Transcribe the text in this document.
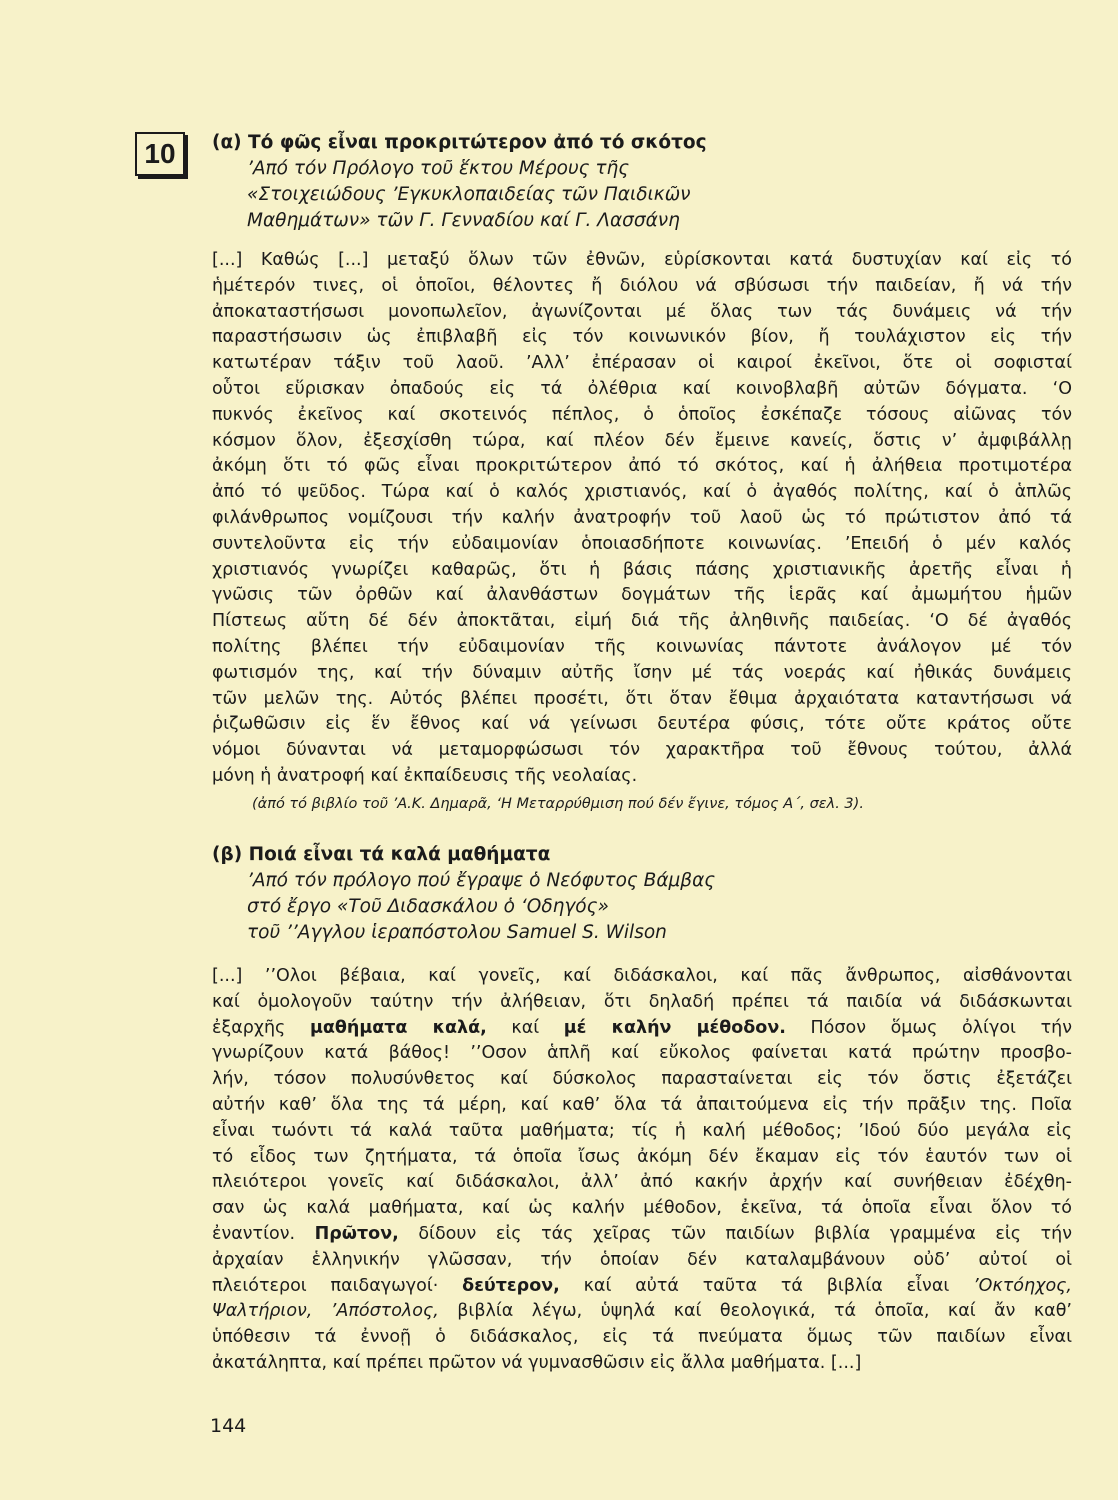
10	(α) Τό φῶς εἶναι προκριτώτερον ἀπό τό σκότος

’Από τόν Πρόλογο τοῦ ἕκτου Μέρους τῆς
«Στοιχειώδους ’Εγκυκλοπαιδείας τῶν Παιδικῶν
Μαθημάτων» τῶν Γ. Γενναδίου καί Γ. Λασσάνη

[...] Καθώς [...] μεταξύ ὅλων τῶν ἐθνῶν, εὑρίσκονται κατά δυστυχίαν καί εἰς τό
ἡμέτερόν τινες, οἱ ὁποῖοι, θέλοντες ἤ διόλου νά σβύσωσι τήν παιδείαν, ἤ νά τήν
ἀποκαταστήσωσι μονοπωλεῖον, ἀγωνίζονται μέ ὅλας των τάς δυνάμεις νά τήν
παραστήσωσιν ὡς ἐπιβλαβῆ εἰς τόν κοινωνικόν βίον, ἤ τουλάχιστον εἰς τήν
κατωτέραν τάξιν τοῦ λαοῦ. ’Αλλ’ ἐπέρασαν οἱ καιροί ἐκεῖνοι, ὅτε οἱ σοφισταί
οὗτοι εὕρισκαν ὀπαδούς εἰς τά ὀλέθρια καί κοινοβλαβῆ αὐτῶν δόγματα. ‘Ο
πυκνός ἐκεῖνος καί σκοτεινός πέπλος, ὁ ὁποῖος ἐσκέπαζε τόσους αἰῶνας τόν
κόσμον ὅλον, ἐξεσχίσθη τώρα, καί πλέον δέν ἔμεινε κανείς, ὅστις ν’ ἀμφιβάλλῃ
ἀκόμη ὅτι τό φῶς εἶναι προκριτώτερον ἀπό τό σκότος, καί ἡ ἀλήθεια προτιμοτέρα
ἀπό τό ψεῦδος. Τώρα καί ὁ καλός χριστιανός, καί ὁ ἀγαθός πολίτης, καί ὁ ἁπλῶς
φιλάνθρωπος νομίζουσι τήν καλήν ἀνατροφήν τοῦ λαοῦ ὡς τό πρώτιστον ἀπό τά
συντελοῦντα εἰς τήν εὐδαιμονίαν ὁποιασδήποτε κοινωνίας. ’Επειδή ὁ μέν καλός
χριστιανός γνωρίζει καθαρῶς, ὅτι ἡ βάσις πάσης χριστιανικῆς ἀρετῆς εἶναι ἡ
γνῶσις τῶν ὀρθῶν καί ἀλανθάστων δογμάτων τῆς ἱερᾶς καί ἀμωμήτου ἡμῶν
Πίστεως αὕτη δέ δέν ἀποκτᾶται, εἰμή διά τῆς ἀληθινῆς παιδείας. ‘Ο δέ ἀγαθός
πολίτης βλέπει τήν εὐδαιμονίαν τῆς κοινωνίας πάντοτε ἀνάλογον μέ τόν
φωτισμόν της, καί τήν δύναμιν αὐτῆς ἴσην μέ τάς νοεράς καί ἠθικάς δυνάμεις
τῶν μελῶν της. Αὐτός βλέπει προσέτι, ὅτι ὅταν ἔθιμα ἀρχαιότατα καταντήσωσι νά
ῥιζωθῶσιν εἰς ἕν ἔθνος καί νά γείνωσι δευτέρα φύσις, τότε οὔτε κράτος οὔτε
νόμοι δύνανται νά μεταμορφώσωσι τόν χαρακτῆρα τοῦ ἔθνους τούτου, ἀλλά
μόνη ἡ ἀνατροφή καί ἐκπαίδευσις τῆς νεολαίας.

(ἀπό τό βιβλίο τοῦ ’Α.Κ. Δημαρᾶ, ‘Η Μεταρρύθμιση πού δέν ἔγινε, τόμος Α΄, σελ. 3).

(β) Ποιά εἶναι τά καλά μαθήματα

’Από τόν πρόλογο πού ἔγραψε ὁ Νεόφυτος Βάμβας
στό ἔργο «Τοῦ Διδασκάλου ὁ ‘Οδηγός»
τοῦ ’’Αγγλου ἱεραπόστολου Samuel S. Wilson

[...] ’’Ολοι βέβαια, καί γονεῖς, καί διδάσκαλοι, καί πᾶς ἄνθρωπος, αἰσθάνονται
καί ὁμολογοῦν ταύτην τήν ἀλήθειαν, ὅτι δηλαδή πρέπει τά παιδία νά διδάσκωνται
ἐξαρχῆς μαθήματα καλά, καί μέ καλήν μέθοδον. Πόσον ὅμως ὀλίγοι τήν
γνωρίζουν κατά βάθος! ’’Οσον ἁπλῆ καί εὔκολος φαίνεται κατά πρώτην προσβο-
λήν, τόσον πολυσύνθετος καί δύσκολος παρασταίνεται εἰς τόν ὅστις ἐξετάζει
αὐτήν καθ’ ὅλα της τά μέρη, καί καθ’ ὅλα τά ἀπαιτούμενα εἰς τήν πρᾶξιν της. Ποῖα
εἶναι τωόντι τά καλά ταῦτα μαθήματα; τίς ἡ καλή μέθοδος; ’Ιδού δύο μεγάλα εἰς
τό εἶδος των ζητήματα, τά ὁποῖα ἴσως ἀκόμη δέν ἔκαμαν εἰς τόν ἑαυτόν των οἱ
πλειότεροι γονεῖς καί διδάσκαλοι, ἀλλ’ ἀπό κακήν ἀρχήν καί συνήθειαν ἐδέχθη-
σαν ὡς καλά μαθήματα, καί ὡς καλήν μέθοδον, ἐκεῖνα, τά ὁποῖα εἶναι ὅλον τό
ἐναντίον. Πρῶτον, δίδουν εἰς τάς χεῖρας τῶν παιδίων βιβλία γραμμένα εἰς τήν
ἀρχαίαν ἑλληνικήν γλῶσσαν, τήν ὁποίαν δέν καταλαμβάνουν οὐδ’ αὐτοί οἱ
πλειότεροι παιδαγωγοί· δεύτερον, καί αὐτά ταῦτα τά βιβλία εἶναι ’Οκτόηχος,
Ψαλτήριον, ’Απόστολος, βιβλία λέγω, ὑψηλά καί θεολογικά, τά ὁποῖα, καί ἄν καθ’
ὑπόθεσιν τά ἐννοῇ ὁ διδάσκαλος, εἰς τά πνεύματα ὅμως τῶν παιδίων εἶναι
ἀκατάληπτα, καί πρέπει πρῶτον νά γυμνασθῶσιν εἰς ἄλλα μαθήματα. [...]
144
